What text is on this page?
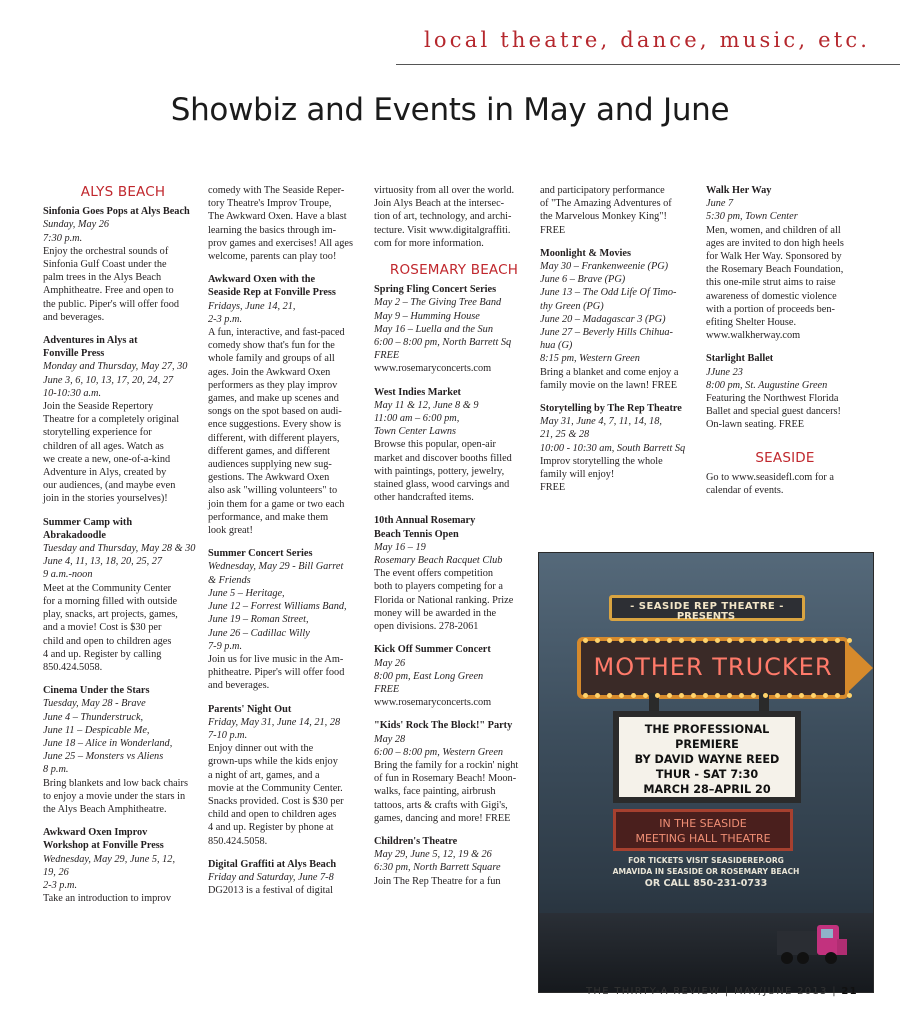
local theatre, dance, music, etc.
Showbiz and Events in May and June
ALYS BEACH
Sinfonia Goes Pops at Alys Beach
Sunday, May 26
7:30 p.m.
Enjoy the orchestral sounds of
Sinfonia Gulf Coast under the
palm trees in the Alys Beach
Amphitheatre. Free and open to
the public. Piper's will offer food
and beverages.
Adventures in Alys at
Fonville Press
Monday and Thursday, May 27, 30
June 3, 6, 10, 13, 17, 20, 24, 27
10-10:30 a.m.
Join the Seaside Repertory
Theatre for a completely original
storytelling experience for
children of all ages. Watch as
we create a new, one-of-a-kind
Adventure in Alys, created by
our audiences, (and maybe even
join in the stories yourselves)!
Summer Camp with
Abrakadoodle
Tuesday and Thursday, May 28 & 30
June 4, 11, 13, 18, 20, 25, 27
9 a.m.-noon
Meet at the Community Center
for a morning filled with outside
play, snacks, art projects, games,
and a movie! Cost is $30 per
child and open to children ages
4 and up. Register by calling
850.424.5058.
Cinema Under the Stars
Tuesday, May 28 - Brave
June 4 – Thunderstruck,
June 11 – Despicable Me,
June 18 – Alice in Wonderland,
June 25 – Monsters vs Aliens
8 p.m.
Bring blankets and low back chairs
to enjoy a movie under the stars in
the Alys Beach Amphitheatre.
Awkward Oxen Improv
Workshop at Fonville Press
Wednesday, May 29, June 5, 12,
19, 26
2-3 p.m.
Take an introduction to improv
comedy with The Seaside Reper-
tory Theatre's Improv Troupe,
The Awkward Oxen. Have a blast
learning the basics through im-
prov games and exercises! All ages
welcome, parents can play too!
Awkward Oxen with the
Seaside Rep at Fonville Press
Fridays, June 14, 21,
2-3 p.m.
A fun, interactive, and fast-paced
comedy show that's fun for the
whole family and groups of all
ages. Join the Awkward Oxen
performers as they play improv
games, and make up scenes and
songs on the spot based on audi-
ence suggestions. Every show is
different, with different players,
different games, and different
audiences supplying new sug-
gestions. The Awkward Oxen
also ask "willing volunteers" to
join them for a game or two each
performance, and make them
look great!
Summer Concert Series
Wednesday, May 29 - Bill Garret
& Friends
June 5 – Heritage,
June 12 – Forrest Williams Band,
June 19 – Roman Street,
June 26 – Cadillac Willy
7-9 p.m.
Join us for live music in the Am-
phitheatre. Piper's will offer food
and beverages.
Parents' Night Out
Friday, May 31, June 14, 21, 28
7-10 p.m.
Enjoy dinner out with the
grown-ups while the kids enjoy
a night of art, games, and a
movie at the Community Center.
Snacks provided. Cost is $30 per
child and open to children ages
4 and up. Register by phone at
850.424.5058.
Digital Graffiti at Alys Beach
Friday and Saturday, June 7-8
DG2013 is a festival of digital
virtuosity from all over the world.
Join Alys Beach at the intersec-
tion of art, technology, and archi-
tecture. Visit www.digitalgraffiti.
com for more information.
ROSEMARY BEACH
Spring Fling Concert Series
May 2 – The Giving Tree Band
May 9 – Humming House
May 16 – Luella and the Sun
6:00 – 8:00 pm, North Barrett Sq
FREE
www.rosemaryconcerts.com
West Indies Market
May 11 & 12, June 8 & 9
11:00 am – 6:00 pm,
Town Center Lawns
Browse this popular, open-air
market and discover booths filled
with paintings, pottery, jewelry,
stained glass, wood carvings and
other handcrafted items.
10th Annual Rosemary
Beach Tennis Open
May 16 – 19
Rosemary Beach Racquet Club
The event offers competition
both to players competing for a
Florida or National ranking. Prize
money will be awarded in the
open divisions. 278-2061
Kick Off Summer Concert
May 26
8:00 pm, East Long Green
FREE
www.rosemaryconcerts.com
"Kids' Rock The Block!" Party
May 28
6:00 – 8:00 pm, Western Green
Bring the family for a rockin' night
of fun in Rosemary Beach! Moon-
walks, face painting, airbrush
tattoos, arts & crafts with Gigi's,
games, dancing and more! FREE
Children's Theatre
May 29, June 5, 12, 19 & 26
6:30 pm, North Barrett Square
Join The Rep Theatre for a fun
and participatory performance
of "The Amazing Adventures of
the Marvelous Monkey King"!
FREE
Moonlight & Movies
May 30 – Frankenweenie (PG)
June 6 – Brave (PG)
June 13 – The Odd Life Of Timo-
thy Green (PG)
June 20 – Madagascar 3 (PG)
June 27 – Beverly Hills Chihua-
hua (G)
8:15 pm, Western Green
Bring a blanket and come enjoy a
family movie on the lawn! FREE
Storytelling by The Rep Theatre
May 31, June 4, 7, 11, 14, 18,
21, 25 & 28
10:00 - 10:30 am, South Barrett Sq
Improv storytelling the whole
family will enjoy!
FREE
Walk Her Way
June 7
5:30 pm, Town Center
Men, women, and children of all
ages are invited to don high heels
for Walk Her Way. Sponsored by
the Rosemary Beach Foundation,
this one-mile strut aims to raise
awareness of domestic violence
with a portion of proceeds ben-
efiting Shelter House.
www.walkherway.com
Starlight Ballet
JJune 23
8:00 pm, St. Augustine Green
Featuring the Northwest Florida
Ballet and special guest dancers!
On-lawn seating. FREE
SEASIDE
Go to www.seasidefl.com for a
calendar of events.
- SEASIDE REP THEATRE -
MOTHER TRUCKER
THE PROFESSIONAL
PREMIERE
BY DAVID WAYNE REED
THUR - SAT 7:30
MARCH 28–APRIL 20
IN THE SEASIDE
MEETING HALL THEATRE
FOR TICKETS VISIT SEASIDEREP.ORG
AMAVIDA IN SEASIDE OR ROSEMARY BEACH
OR CALL 850-231-0733
PRESENTS
THE THIRTY-A REVIEW | MAY/JUNE 2013 | 21
